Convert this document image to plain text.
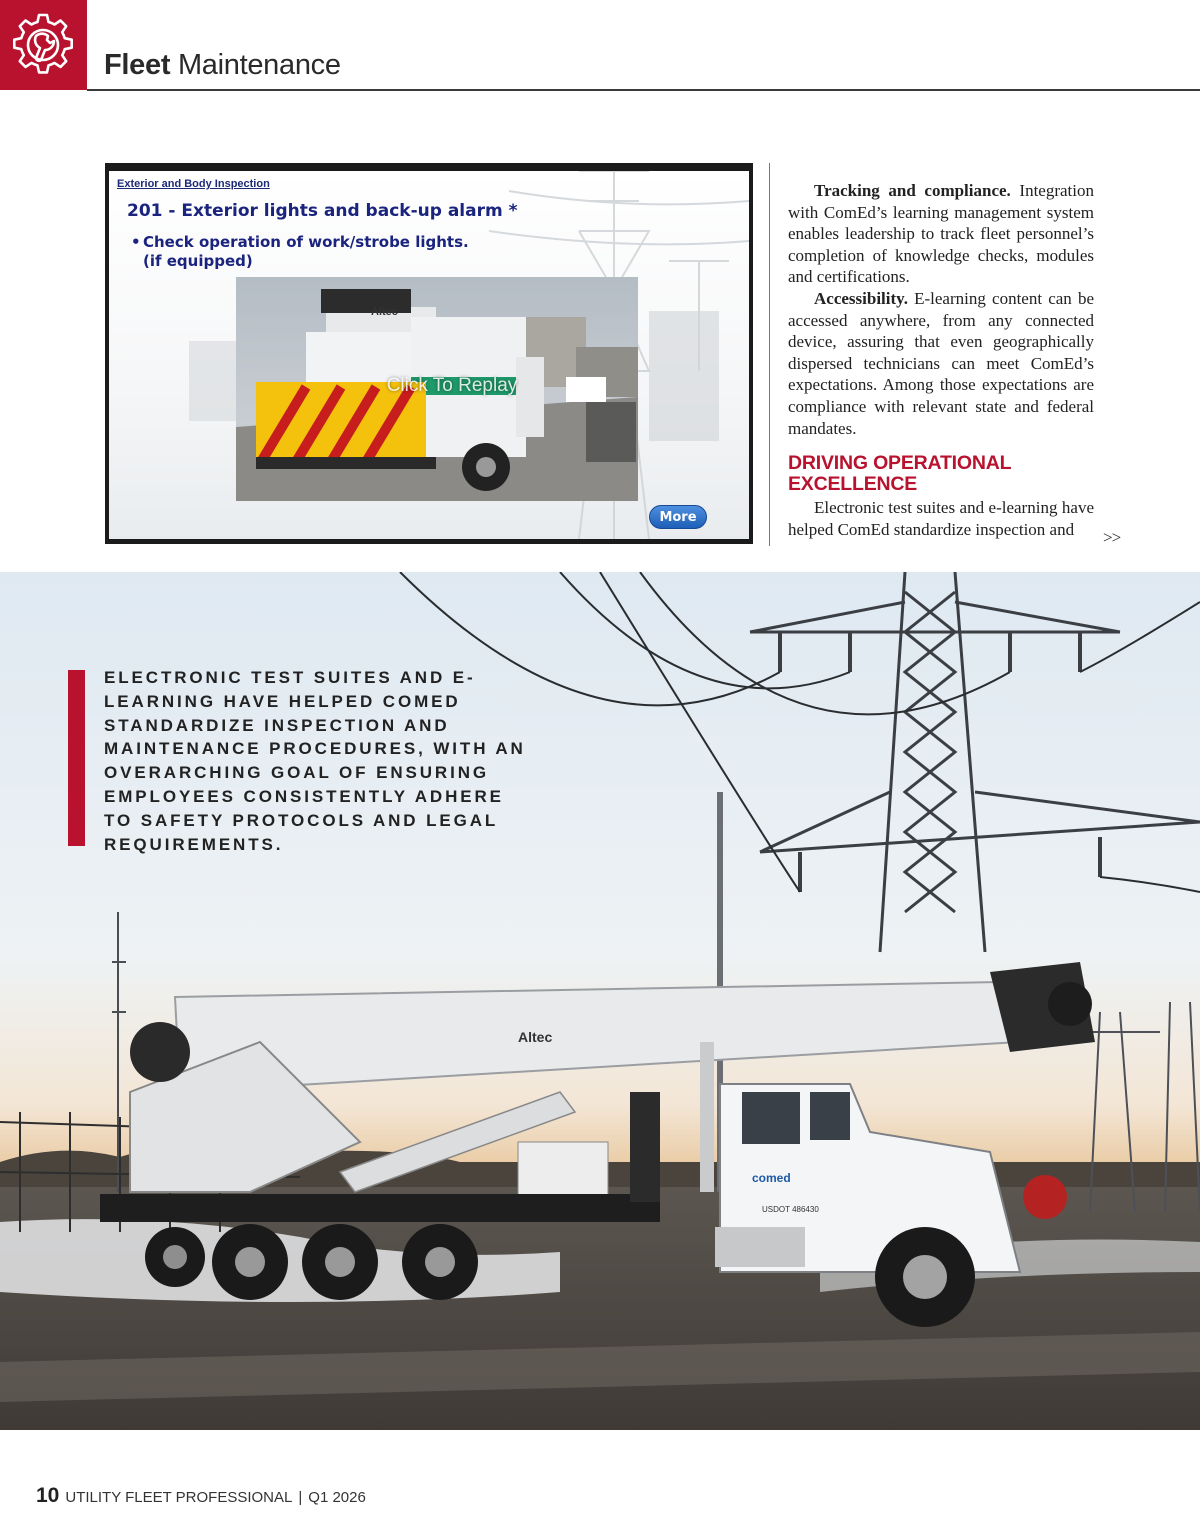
Fleet Maintenance
Exterior and Body Inspection
201 - Exterior lights and back-up alarm *
• Check operation of work/strobe lights. (if equipped)
Altec
Click To Replay
More

Tracking and compliance. Integration with ComEd’s learning management system enables leadership to track fleet personnel’s completion of knowledge checks, modules and certifications.

Accessibility. E-learning content can be accessed anywhere, from any connected device, assuring that even geographically dispersed technicians can meet ComEd’s expectations. Among those expectations are compliance with relevant state and federal mandates.

DRIVING OPERATIONAL EXCELLENCE

Electronic test suites and e-learning have helped ComEd standardize inspection and	>>
Altec
comed
USDOT 486430
ELECTRONIC TEST SUITES AND E-LEARNING HAVE HELPED COMED STANDARDIZE INSPECTION AND MAINTENANCE PROCEDURES, WITH AN OVERARCHING GOAL OF ENSURING EMPLOYEES CONSISTENTLY ADHERE TO SAFETY PROTOCOLS AND LEGAL REQUIREMENTS.
10 UTILITY FLEET PROFESSIONAL | Q1 2026
